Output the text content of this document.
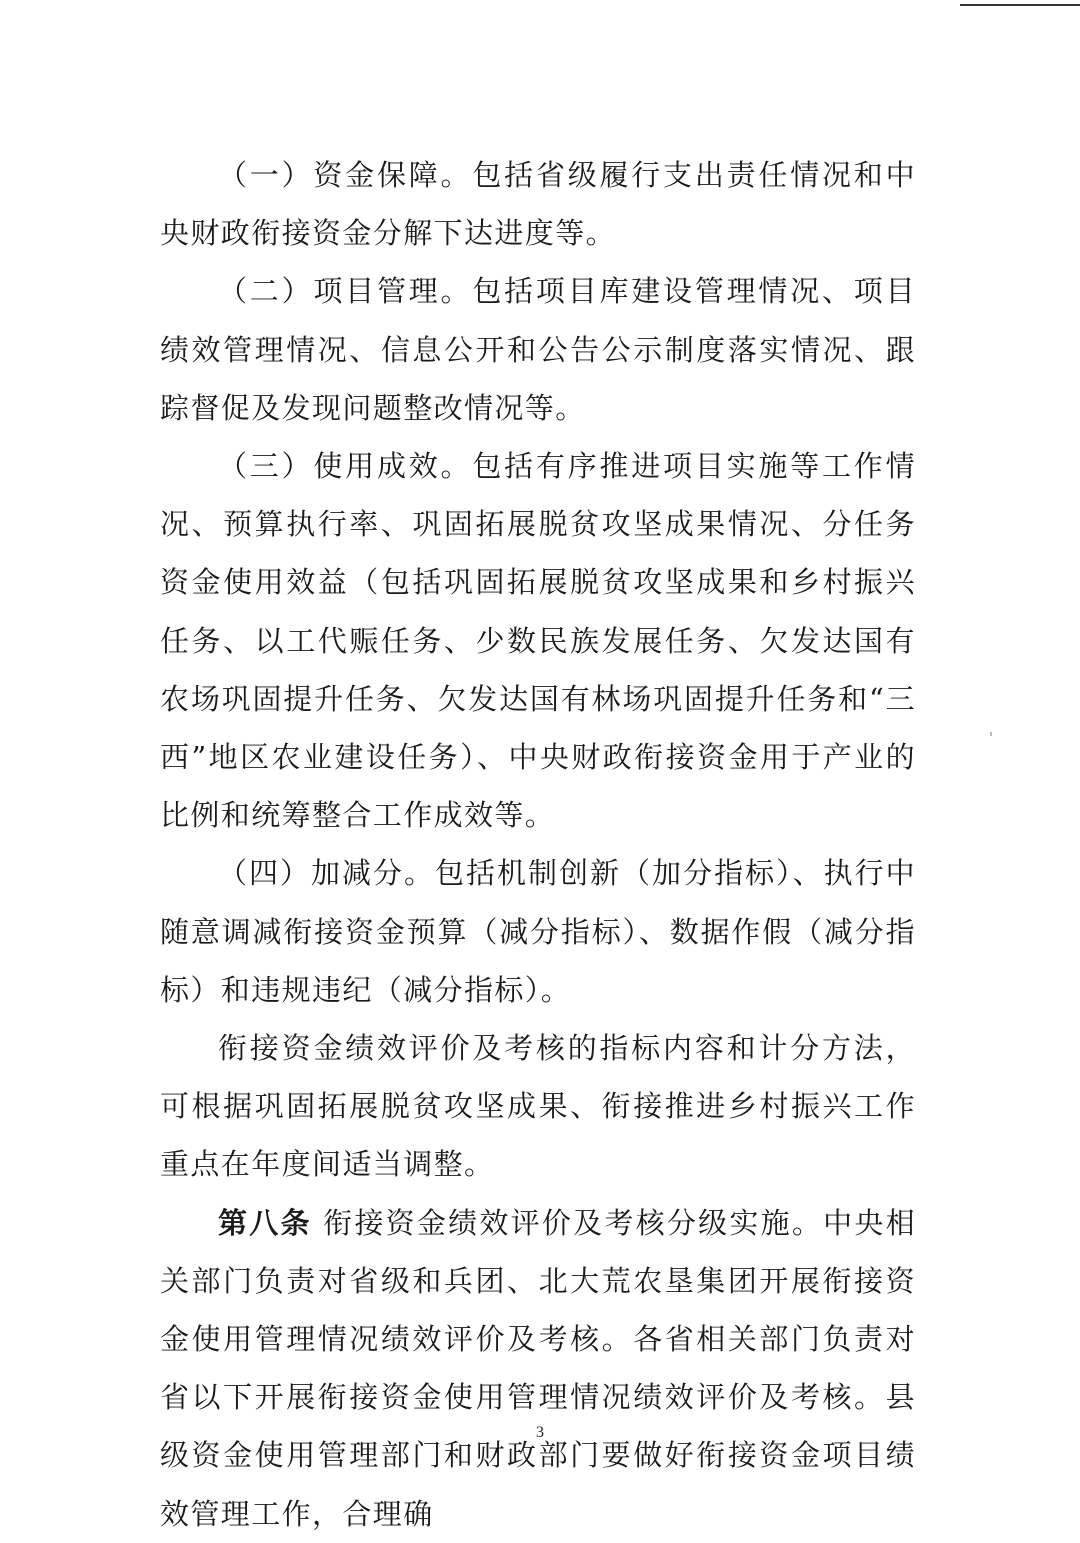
（一）资金保障。包括省级履行支出责任情况和中央财政衔接资金分解下达进度等。

（二）项目管理。包括项目库建设管理情况、项目绩效管理情况、信息公开和公告公示制度落实情况、跟踪督促及发现问题整改情况等。

（三）使用成效。包括有序推进项目实施等工作情况、预算执行率、巩固拓展脱贫攻坚成果情况、分任务资金使用效益（包括巩固拓展脱贫攻坚成果和乡村振兴任务、以工代赈任务、少数民族发展任务、欠发达国有农场巩固提升任务、欠发达国有林场巩固提升任务和“三西”地区农业建设任务）、中央财政衔接资金用于产业的比例和统筹整合工作成效等。

（四）加减分。包括机制创新（加分指标）、执行中随意调减衔接资金预算（减分指标）、数据作假（减分指标）和违规违纪（减分指标）。

衔接资金绩效评价及考核的指标内容和计分方法，可根据巩固拓展脱贫攻坚成果、衔接推进乡村振兴工作重点在年度间适当调整。

第八条 衔接资金绩效评价及考核分级实施。中央相关部门负责对省级和兵团、北大荒农垦集团开展衔接资金使用管理情况绩效评价及考核。各省相关部门负责对省以下开展衔接资金使用管理情况绩效评价及考核。县级资金使用管理部门和财政部门要做好衔接资金项目绩效管理工作，合理确

3
